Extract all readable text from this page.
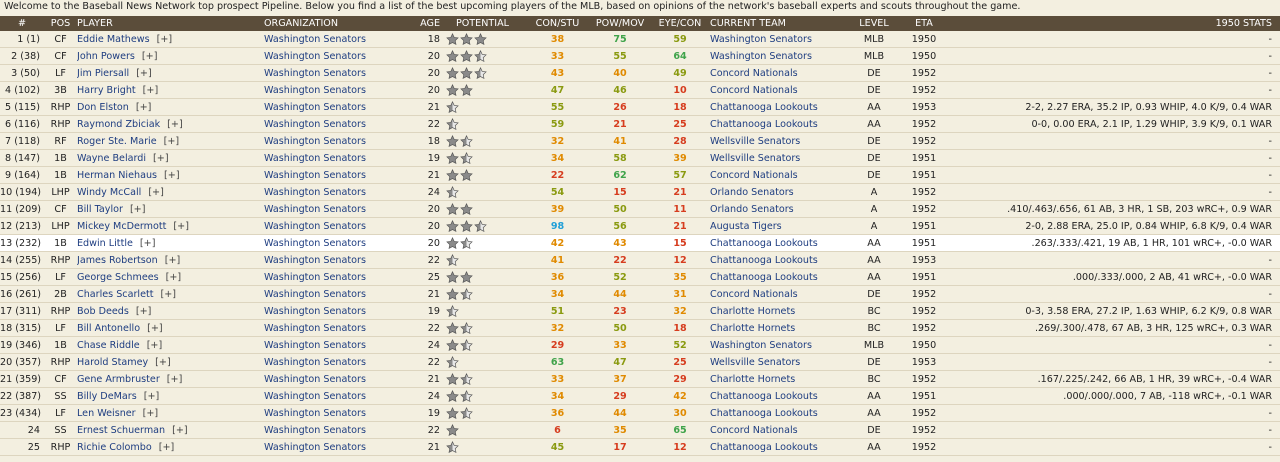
Welcome to the Baseball News Network top prospect Pipeline. Below you find a list of the best upcoming players of the MLB, based on opinions of the network's baseball experts and scouts throughout the game.
#	POS	PLAYER	ORGANIZATION	AGE	POTENTIAL	CON/STU	POW/MOV	EYE/CON	CURRENT TEAM	LEVEL	ETA	1950 STATS
1 (1)	CF	Eddie Mathews [+]	Washington Senators	18		38	75	59	Washington Senators	MLB	1950	-
2 (38)	CF	John Powers [+]	Washington Senators	20		33	55	64	Washington Senators	MLB	1950	-
3 (50)	LF	Jim Piersall [+]	Washington Senators	20		43	40	49	Concord Nationals	DE	1952	-
4 (102)	3B	Harry Bright [+]	Washington Senators	20		47	46	10	Concord Nationals	DE	1952	-
5 (115)	RHP	Don Elston [+]	Washington Senators	21		55	26	18	Chattanooga Lookouts	AA	1953	2-2, 2.27 ERA, 35.2 IP, 0.93 WHIP, 4.0 K/9, 0.4 WAR
6 (116)	RHP	Raymond Zbiciak [+]	Washington Senators	22		59	21	25	Chattanooga Lookouts	AA	1952	0-0, 0.00 ERA, 2.1 IP, 1.29 WHIP, 3.9 K/9, 0.1 WAR
7 (118)	RF	Roger Ste. Marie [+]	Washington Senators	18		32	41	28	Wellsville Senators	DE	1952	-
8 (147)	1B	Wayne Belardi [+]	Washington Senators	19		34	58	39	Wellsville Senators	DE	1951	-
9 (164)	1B	Herman Niehaus [+]	Washington Senators	21		22	62	57	Concord Nationals	DE	1951	-
10 (194)	LHP	Windy McCall [+]	Washington Senators	24		54	15	21	Orlando Senators	A	1952	-
11 (209)	CF	Bill Taylor [+]	Washington Senators	20		39	50	11	Orlando Senators	A	1952	.410/.463/.656, 61 AB, 3 HR, 1 SB, 203 wRC+, 0.9 WAR
12 (213)	LHP	Mickey McDermott [+]	Washington Senators	20		98	56	21	Augusta Tigers	A	1951	2-0, 2.88 ERA, 25.0 IP, 0.84 WHIP, 6.8 K/9, 0.4 WAR
13 (232)	1B	Edwin Little [+]	Washington Senators	20		42	43	15	Chattanooga Lookouts	AA	1951	.263/.333/.421, 19 AB, 1 HR, 101 wRC+, -0.0 WAR
14 (255)	RHP	James Robertson [+]	Washington Senators	22		41	22	12	Chattanooga Lookouts	AA	1953	-
15 (256)	LF	George Schmees [+]	Washington Senators	25		36	52	35	Chattanooga Lookouts	AA	1951	.000/.333/.000, 2 AB, 41 wRC+, -0.0 WAR
16 (261)	2B	Charles Scarlett [+]	Washington Senators	21		34	44	31	Concord Nationals	DE	1952	-
17 (311)	RHP	Bob Deeds [+]	Washington Senators	19		51	23	32	Charlotte Hornets	BC	1952	0-3, 3.58 ERA, 27.2 IP, 1.63 WHIP, 6.2 K/9, 0.8 WAR
18 (315)	LF	Bill Antonello [+]	Washington Senators	22		32	50	18	Charlotte Hornets	BC	1952	.269/.300/.478, 67 AB, 3 HR, 125 wRC+, 0.3 WAR
19 (346)	1B	Chase Riddle [+]	Washington Senators	24		29	33	52	Washington Senators	MLB	1950	-
20 (357)	RHP	Harold Stamey [+]	Washington Senators	22		63	47	25	Wellsville Senators	DE	1953	-
21 (359)	CF	Gene Armbruster [+]	Washington Senators	21		33	37	29	Charlotte Hornets	BC	1952	.167/.225/.242, 66 AB, 1 HR, 39 wRC+, -0.4 WAR
22 (387)	SS	Billy DeMars [+]	Washington Senators	24		34	29	42	Chattanooga Lookouts	AA	1951	.000/.000/.000, 7 AB, -118 wRC+, -0.1 WAR
23 (434)	LF	Len Weisner [+]	Washington Senators	19		36	44	30	Chattanooga Lookouts	AA	1952	-
24	SS	Ernest Schuerman [+]	Washington Senators	22		6	35	65	Concord Nationals	DE	1952	-
25	RHP	Richie Colombo [+]	Washington Senators	21		45	17	12	Chattanooga Lookouts	AA	1952	-
